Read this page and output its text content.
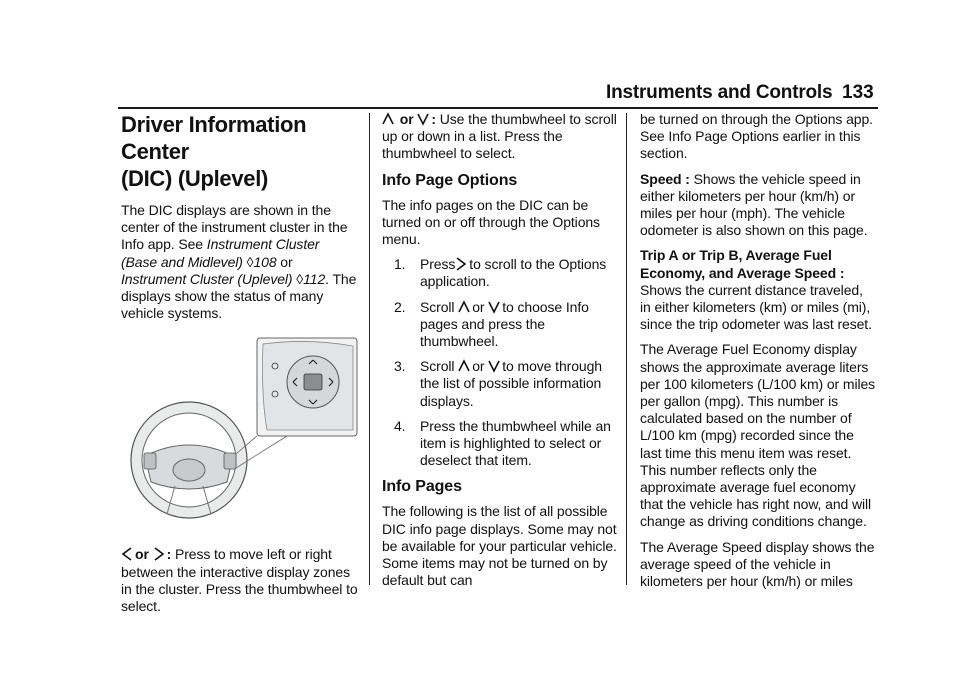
Instruments and Controls 133
Driver Information Center
(DIC) (Uplevel)

The DIC displays are shown in the center of the instrument cluster in the Info app. See Instrument Cluster (Base and Midlevel) ◊108 or Instrument Cluster (Uplevel) ◊112. The displays show the status of many vehicle systems.

or : Press to move left or right between the interactive display zones in the cluster. Press the thumbwheel to select.

or : Use the thumbwheel to scroll up or down in a list. Press the thumbwheel to select.

Info Page Options

The info pages on the DIC can be turned on or off through the Options menu.

1. Press to scroll to the Options application.
2. Scroll or to choose Info pages and press the thumbwheel.
3. Scroll or to move through the list of possible information displays.
4. Press the thumbwheel while an item is highlighted to select or deselect that item.
Info Pages

The following is the list of all possible DIC info page displays. Some may not be available for your particular vehicle. Some items may not be turned on by default but can

be turned on through the Options app. See Info Page Options earlier in this section.

Speed : Shows the vehicle speed in either kilometers per hour (km/h) or miles per hour (mph). The vehicle odometer is also shown on this page.

Trip A or Trip B, Average Fuel Economy, and Average Speed : Shows the current distance traveled, in either kilometers (km) or miles (mi), since the trip odometer was last reset.

The Average Fuel Economy display shows the approximate average liters per 100 kilometers (L/100 km) or miles per gallon (mpg). This number is calculated based on the number of L/100 km (mpg) recorded since the last time this menu item was reset. This number reflects only the approximate average fuel economy that the vehicle has right now, and will change as driving conditions change.

The Average Speed display shows the average speed of the vehicle in kilometers per hour (km/h) or miles
